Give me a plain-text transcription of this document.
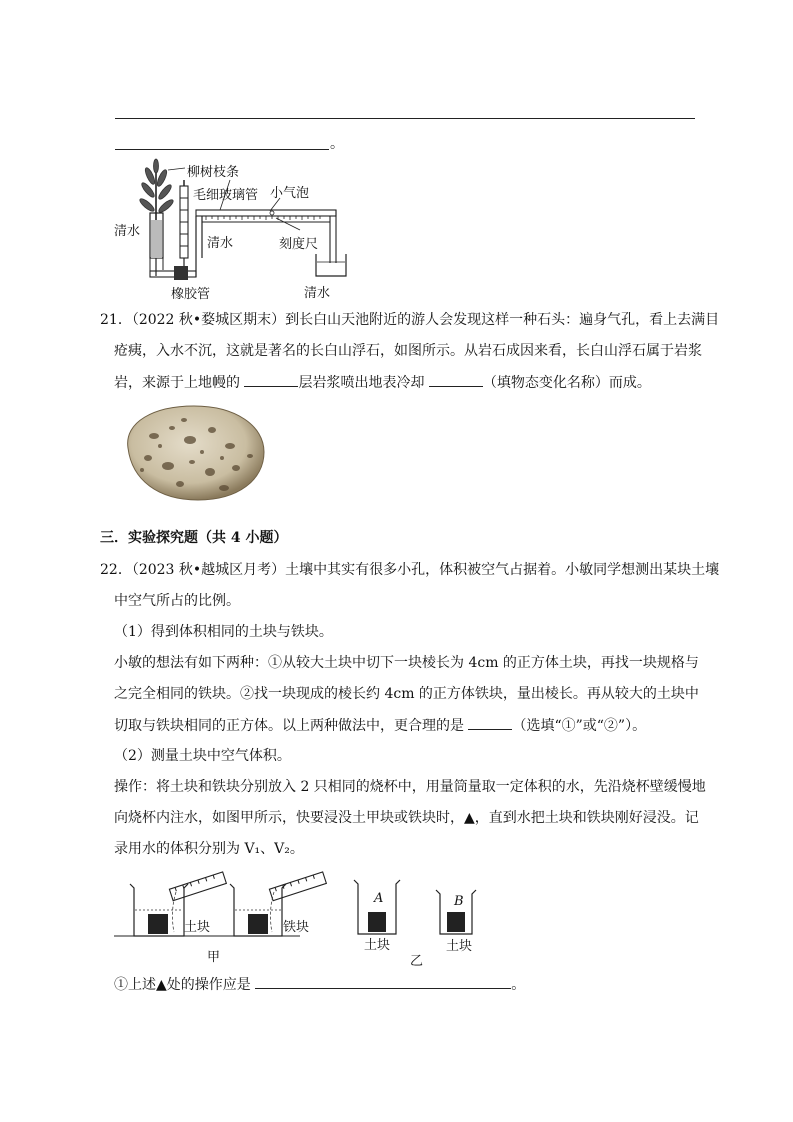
。
柳树枝条
毛细玻璃管 小气泡
清水
清水	刻度尺
橡胶管	清水
21．（2022 秋•婺城区期末）到长白山天池附近的游人会发现这样一种石头：遍身气孔，看上去满目
疮痍，入水不沉，这就是著名的长白山浮石，如图所示。从岩石成因来看，长白山浮石属于岩浆
岩，来源于上地幔的	层岩浆喷出地表冷却	（填物态变化名称）而成。
三．实验探究题（共 4 小题）
22．（2023 秋•越城区月考）土壤中其实有很多小孔，体积被空气占据着。小敏同学想测出某块土壤
中空气所占的比例。
（1）得到体积相同的土块与铁块。
小敏的想法有如下两种：①从较大土块中切下一块棱长为 4cm 的正方体土块，再找一块规格与
之完全相同的铁块。②找一块现成的棱长约 4cm 的正方体铁块，量出棱长。再从较大的土块中
切取与铁块相同的正方体。以上两种做法中，更合理的是	（选填“①”或“②”）。
（2）测量土块中空气体积。
操作：将土块和铁块分别放入 2 只相同的烧杯中，用量筒量取一定体积的水，先沿烧杯壁缓慢地
向烧杯内注水，如图甲所示，快要浸没土甲块或铁块时，▲，直到水把土块和铁块刚好浸没。记
录用水的体积分别为 V₁、V₂。
土块	铁块
甲
A	B
土块	土块
乙
①上述▲处的操作应是	。
